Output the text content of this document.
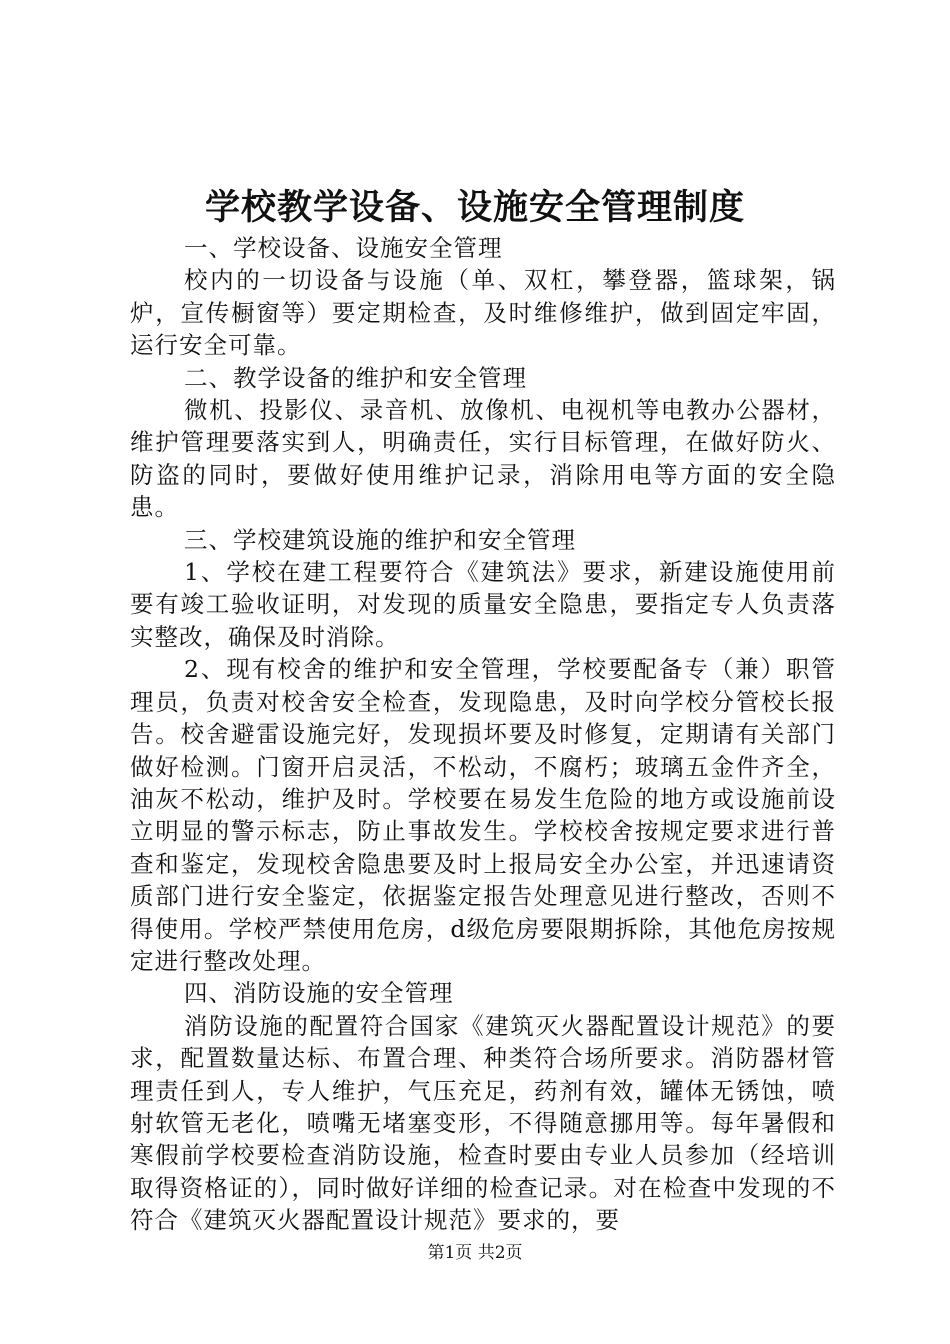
学校教学设备、设施安全管理制度

一、学校设备、设施安全管理

校内的一切设备与设施（单、双杠，攀登器，篮球架，锅炉，宣传橱窗等）要定期检查，及时维修维护，做到固定牢固，运行安全可靠。

二、教学设备的维护和安全管理

微机、投影仪、录音机、放像机、电视机等电教办公器材，维护管理要落实到人，明确责任，实行目标管理，在做好防火、防盗的同时，要做好使用维护记录，消除用电等方面的安全隐患。

三、学校建筑设施的维护和安全管理

1、学校在建工程要符合《建筑法》要求，新建设施使用前要有竣工验收证明，对发现的质量安全隐患，要指定专人负责落实整改，确保及时消除。

2、现有校舍的维护和安全管理，学校要配备专（兼）职管理员，负责对校舍安全检查，发现隐患，及时向学校分管校长报告。校舍避雷设施完好，发现损坏要及时修复，定期请有关部门做好检测。门窗开启灵活，不松动，不腐朽；玻璃五金件齐全，油灰不松动，维护及时。学校要在易发生危险的地方或设施前设立明显的警示标志，防止事故发生。学校校舍按规定要求进行普查和鉴定，发现校舍隐患要及时上报局安全办公室，并迅速请资质部门进行安全鉴定，依据鉴定报告处理意见进行整改，否则不得使用。学校严禁使用危房，d级危房要限期拆除，其他危房按规定进行整改处理。

四、消防设施的安全管理

消防设施的配置符合国家《建筑灭火器配置设计规范》的要求，配置数量达标、布置合理、种类符合场所要求。消防器材管理责任到人，专人维护，气压充足，药剂有效，罐体无锈蚀，喷射软管无老化，喷嘴无堵塞变形，不得随意挪用等。每年暑假和寒假前学校要检查消防设施，检查时要由专业人员参加（经培训取得资格证的），同时做好详细的检查记录。对在检查中发现的不符合《建筑灭火器配置设计规范》要求的，要

第1页 共2页
